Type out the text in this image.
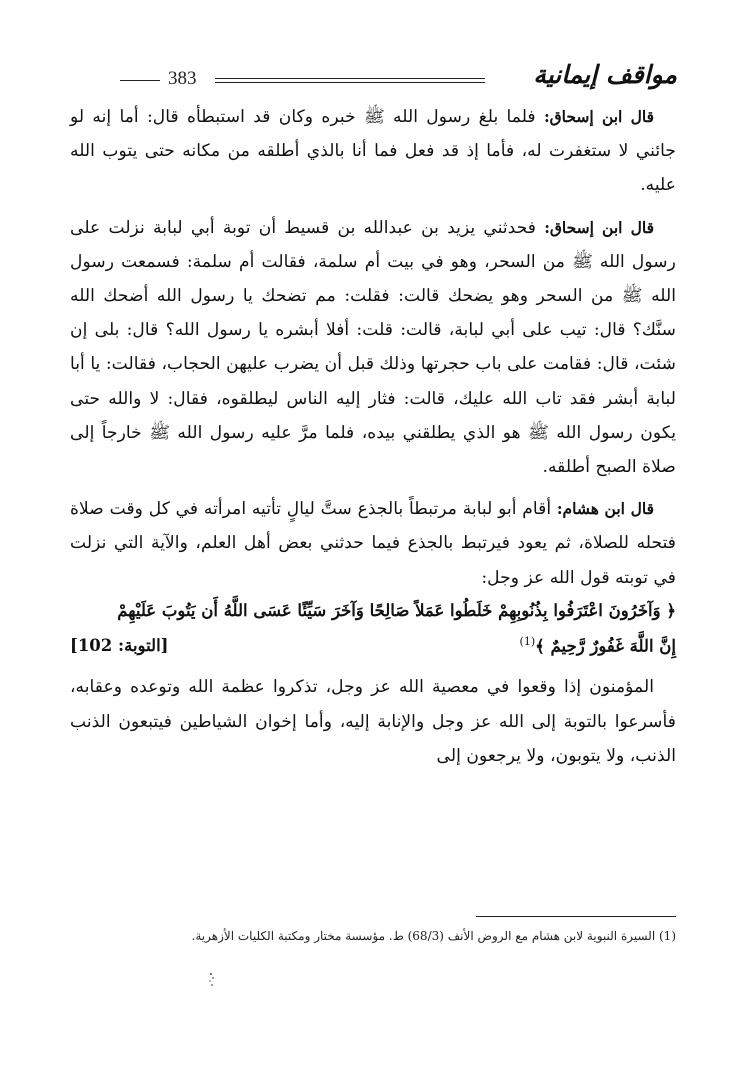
383	مواقف إيمانية

قال ابن إسحاق: فلما بلغ رسول الله ﷺ خبره وكان قد استبطأه قال: أما إنه لو جائني لا ستغفرت له، فأما إذ قد فعل فما أنا بالذي أطلقه من مكانه حتى يتوب الله عليه.

قال ابن إسحاق: فحدثني يزيد بن عبدالله بن قسيط أن توبة أبي لبابة نزلت على رسول الله ﷺ من السحر، وهو في بيت أم سلمة، فقالت أم سلمة: فسمعت رسول الله ﷺ من السحر وهو يضحك قالت: فقلت: مم تضحك يا رسول الله أضحك الله سنَّك؟ قال: تيب على أبي لبابة، قالت: قلت: أفلا أبشره يا رسول الله؟ قال: بلى إن شئت، قال: فقامت على باب حجرتها وذلك قبل أن يضرب عليهن الحجاب، فقالت: يا أبا لبابة أبشر فقد تاب الله عليك، قالت: فثار إليه الناس ليطلقوه، فقال: لا والله حتى يكون رسول الله ﷺ هو الذي يطلقني بيده، فلما مرَّ عليه رسول الله ﷺ خارجاً إلى صلاة الصبح أطلقه.

قال ابن هشام: أقام أبو لبابة مرتبطاً بالجذع ستَّ ليالٍ تأتيه امرأته في كل وقت صلاة فتحله للصلاة، ثم يعود فيرتبط بالجذع فيما حدثني بعض أهل العلم، والآية التي نزلت في توبته قول الله عز وجل:

﴿ وَآخَرُونَ اعْتَرَفُوا بِذُنُوبِهِمْ خَلَطُوا عَمَلاً صَالِحًا وَآخَرَ سَيِّئًا عَسَى اللَّهُ أَن يَتُوبَ عَلَيْهِمْ

إِنَّ اللَّهَ غَفُورٌ رَّحِيمٌ ﴾$^{(1)}$
[التوبة: 102]

المؤمنون إذا وقعوا في معصية الله عز وجل، تذكروا عظمة الله وتوعده وعقابه، فأسرعوا بالتوبة إلى الله عز وجل والإنابة إليه، وأما إخوان الشياطين فيتبعون الذنب الذنب، ولا يتوبون، ولا يرجعون إلى

(1) السيرة النبوية لابن هشام مع الروض الأنف (68/3) ط. مؤسسة مختار ومكتبة الكليات الأزهرية.
